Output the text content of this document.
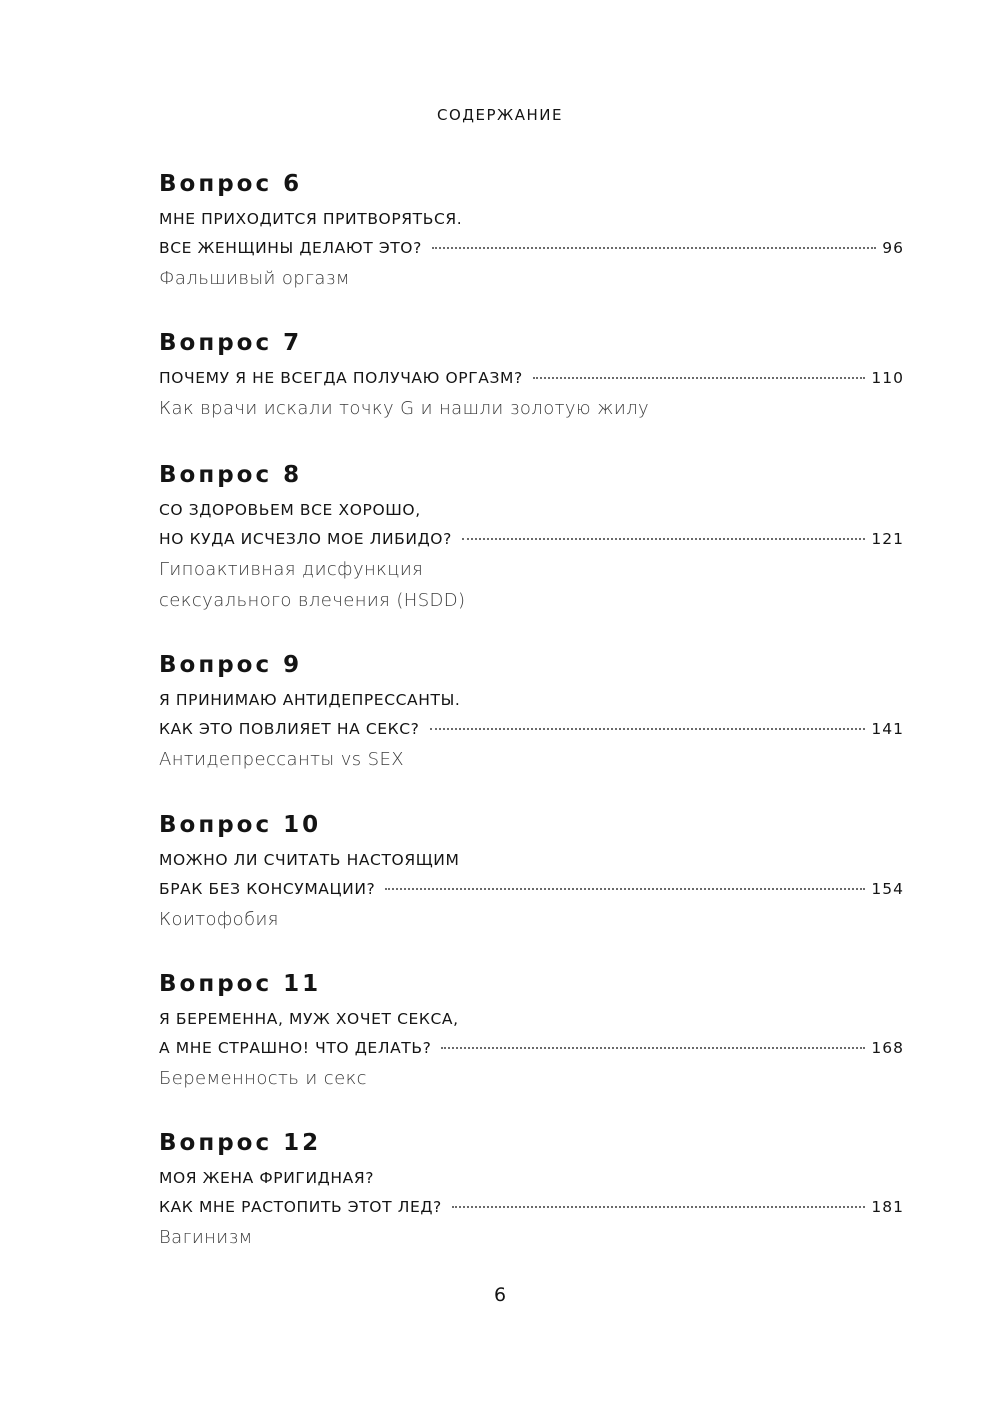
СОДЕРЖАНИЕ
Вопрос 6
МНЕ ПРИХОДИТСЯ ПРИТВОРЯТЬСЯ.
ВСЕ ЖЕНЩИНЫ ДЕЛАЮТ ЭТО?	96
Фальшивый оргазм
Вопрос 7
ПОЧЕМУ Я НЕ ВСЕГДА ПОЛУЧАЮ ОРГАЗМ?	110
Как врачи искали точку G и нашли золотую жилу
Вопрос 8
СО ЗДОРОВЬЕМ ВСЕ ХОРОШО,
НО КУДА ИСЧЕЗЛО МОЕ ЛИБИДО?	121
Гипоактивная дисфункция
сексуального влечения (HSDD)
Вопрос 9
Я ПРИНИМАЮ АНТИДЕПРЕССАНТЫ.
КАК ЭТО ПОВЛИЯЕТ НА СЕКС?	141
Антидепрессанты vs SEX
Вопрос 10
МОЖНО ЛИ СЧИТАТЬ НАСТОЯЩИМ
БРАК БЕЗ КОНСУМАЦИИ?	154
Коитофобия
Вопрос 11
Я БЕРЕМЕННА, МУЖ ХОЧЕТ СЕКСА,
А МНЕ СТРАШНО! ЧТО ДЕЛАТЬ?	168
Беременность и секс
Вопрос 12
МОЯ ЖЕНА ФРИГИДНАЯ?
КАК МНЕ РАСТОПИТЬ ЭТОТ ЛЕД?	181
Вагинизм
6
